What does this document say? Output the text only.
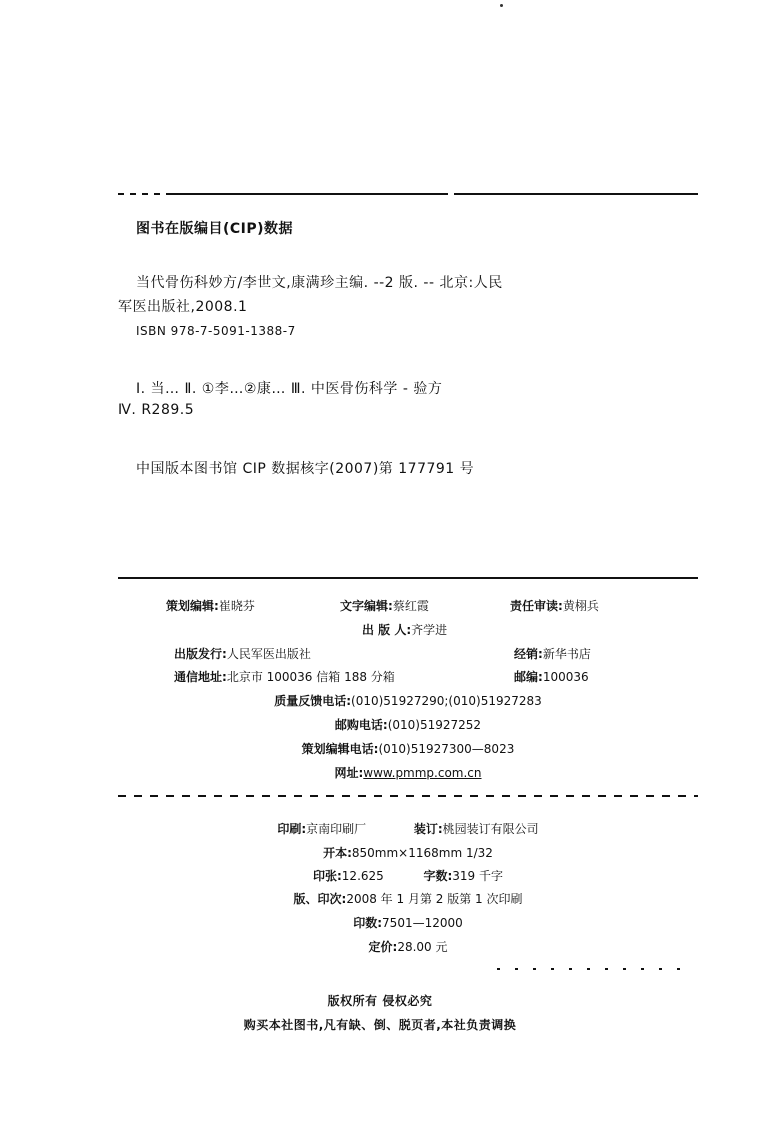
图书在版编目(CIP)数据
当代骨伤科妙方/李世文,康满珍主编. --2 版. -- 北京:人民
军医出版社,2008.1
ISBN 978-7-5091-1388-7
Ⅰ. 当… Ⅱ. ①李…②康… Ⅲ. 中医骨伤科学 - 验方
Ⅳ. R289.5
中国版本图书馆 CIP 数据核字(2007)第 177791 号
策划编辑:崔晓芬	文字编辑:蔡红霞	责任审读:黄栩兵
出 版 人:齐学进
出版发行:人民军医出版社	经销:新华书店
通信地址:北京市 100036 信箱 188 分箱	邮编:100036
质量反馈电话:(010)51927290;(010)51927283
邮购电话:(010)51927252
策划编辑电话:(010)51927300—8023
网址:www.pmmp.com.cn
印刷:京南印刷厂	装订:桃园装订有限公司
开本:850mm×1168mm 1/32
印张:12.625	字数:319 千字
版、印次:2008 年 1 月第 2 版第 1 次印刷
印数:7501—12000
定价:28.00 元
版权所有 侵权必究
购买本社图书,凡有缺、倒、脱页者,本社负责调换
